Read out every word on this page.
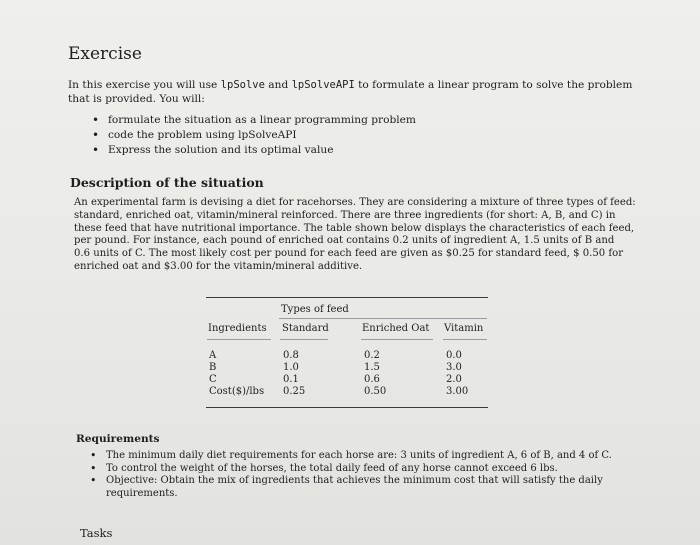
Exercise
In this exercise you will use lpSolve and lpSolveAPI to formulate a linear program to solve the problem
that is provided. You will:
• formulate the situation as a linear programming problem
• code the problem using lpSolveAPI
• Express the solution and its optimal value
Description of the situation
An experimental farm is devising a diet for racehorses. They are considering a mixture of three types of feed:
standard, enriched oat, vitamin/mineral reinforced. There are three ingredients (for short: A, B, and C) in
these feed that have nutritional importance. The table shown below displays the characteristics of each feed,
per pound. For instance, each pound of enriched oat contains 0.2 units of ingredient A, 1.5 units of B and
0.6 units of C. The most likely cost per pound for each feed are given as $0.25 for standard feed, $ 0.50 for
enriched oat and $3.00 for the vitamin/mineral additive.
Types of feed
Ingredients Standard	Enriched Oat Vitamin
A	0.8	0.2	0.0
B	1.0	1.5	3.0
C	0.1	0.6	2.0
Cost($)/lbs 0.25	0.50	3.00
Requirements
• The minimum daily diet requirements for each horse are: 3 units of ingredient A, 6 of B, and 4 of C.
• To control the weight of the horses, the total daily feed of any horse cannot exceed 6 lbs.
• Objective: Obtain the mix of ingredients that achieves the minimum cost that will satisfy the daily
requirements.
Tasks
